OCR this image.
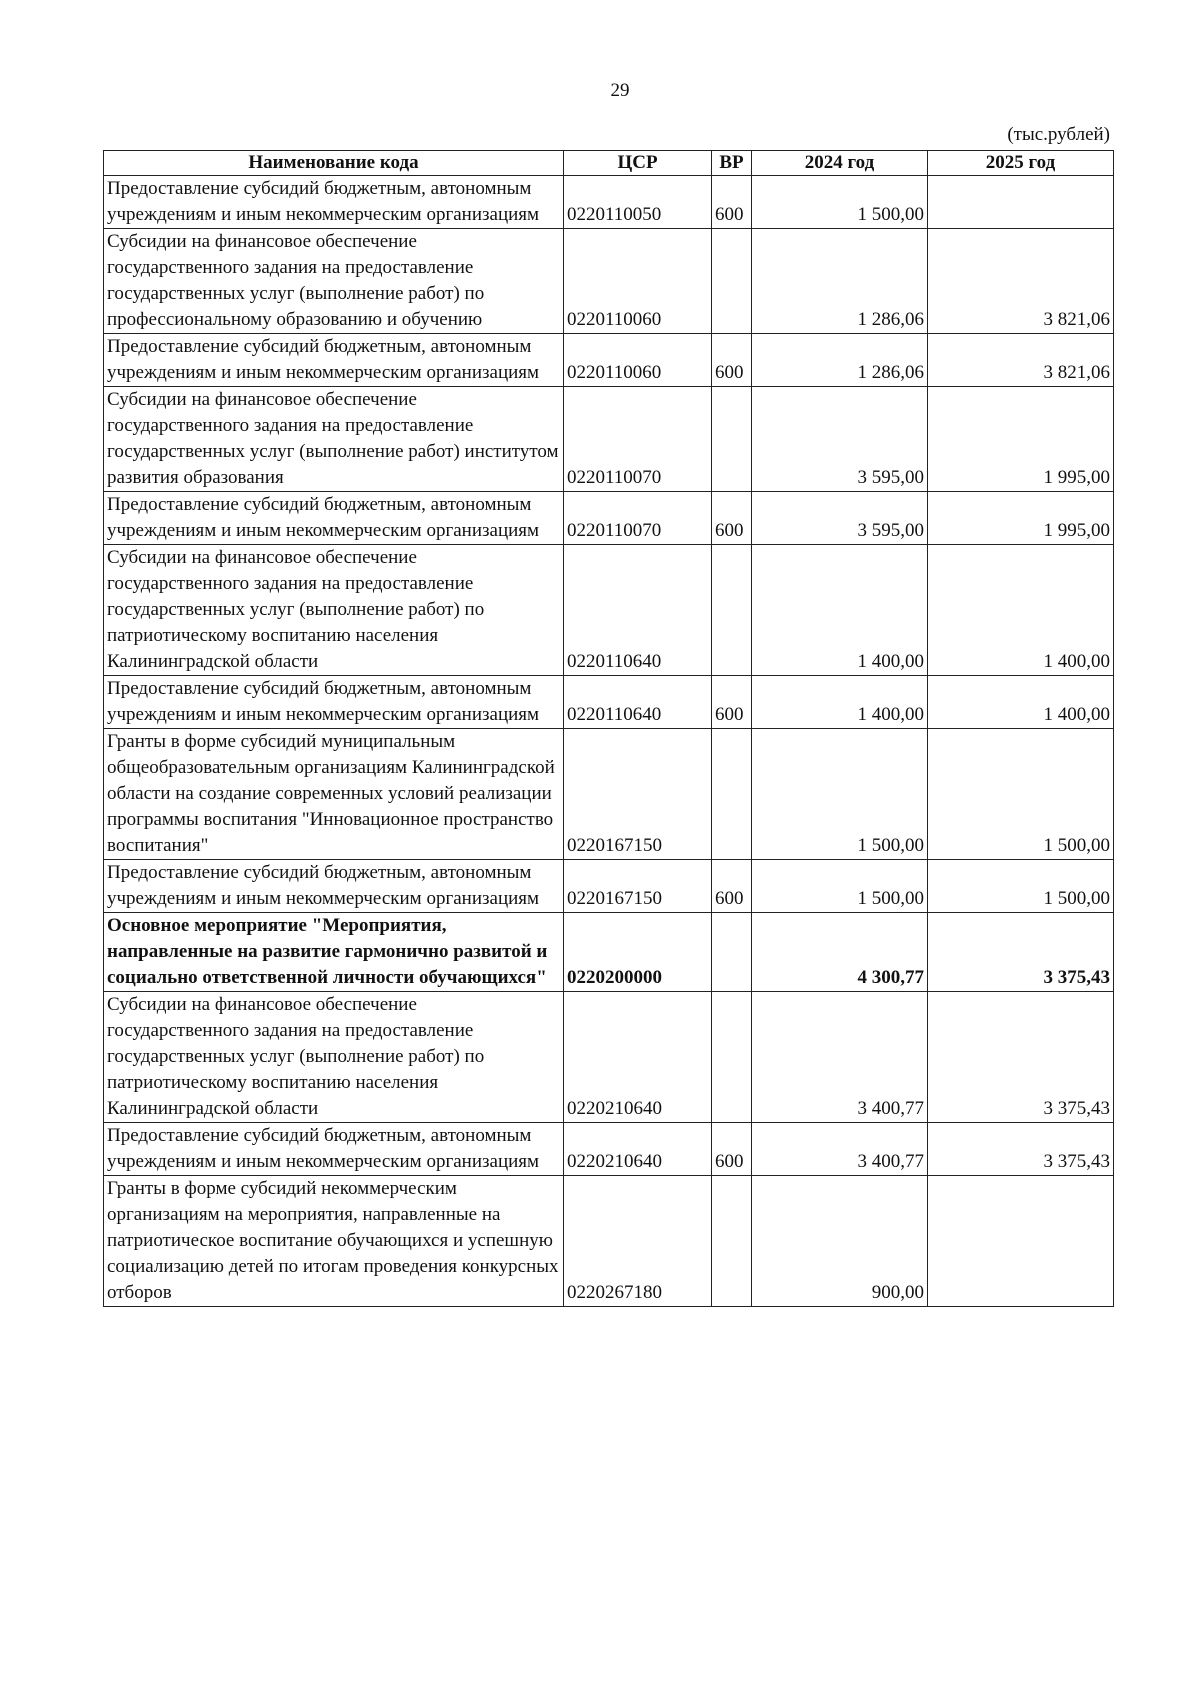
29
(тыс.рублей)
Наименование кода	ЦСР	ВР	2024 год	2025 год
Предоставление субсидий бюджетным, автономным учреждениям и иным некоммерческим организациям	0220110050	600	1 500,00	
Субсидии на финансовое обеспечение государственного задания на предоставление государственных услуг (выполнение работ) по профессиональному образованию и обучению	0220110060		1 286,06	3 821,06
Предоставление субсидий бюджетным, автономным учреждениям и иным некоммерческим организациям	0220110060	600	1 286,06	3 821,06
Субсидии на финансовое обеспечение государственного задания на предоставление государственных услуг (выполнение работ) институтом развития образования	0220110070		3 595,00	1 995,00
Предоставление субсидий бюджетным, автономным учреждениям и иным некоммерческим организациям	0220110070	600	3 595,00	1 995,00
Субсидии на финансовое обеспечение государственного задания на предоставление государственных услуг (выполнение работ) по патриотическому воспитанию населения Калининградской области	0220110640		1 400,00	1 400,00
Предоставление субсидий бюджетным, автономным учреждениям и иным некоммерческим организациям	0220110640	600	1 400,00	1 400,00
Гранты в форме субсидий муниципальным общеобразовательным организациям Калининградской области на создание современных условий реализации программы воспитания "Инновационное пространство воспитания"	0220167150		1 500,00	1 500,00
Предоставление субсидий бюджетным, автономным учреждениям и иным некоммерческим организациям	0220167150	600	1 500,00	1 500,00
Основное мероприятие "Мероприятия, направленные на развитие гармонично развитой и социально ответственной личности обучающихся"	0220200000		4 300,77	3 375,43
Субсидии на финансовое обеспечение государственного задания на предоставление государственных услуг (выполнение работ) по патриотическому воспитанию населения Калининградской области	0220210640		3 400,77	3 375,43
Предоставление субсидий бюджетным, автономным учреждениям и иным некоммерческим организациям	0220210640	600	3 400,77	3 375,43
Гранты в форме субсидий некоммерческим организациям на мероприятия, направленные на патриотическое воспитание обучающихся и успешную социализацию детей по итогам проведения конкурсных отборов	0220267180		900,00	
